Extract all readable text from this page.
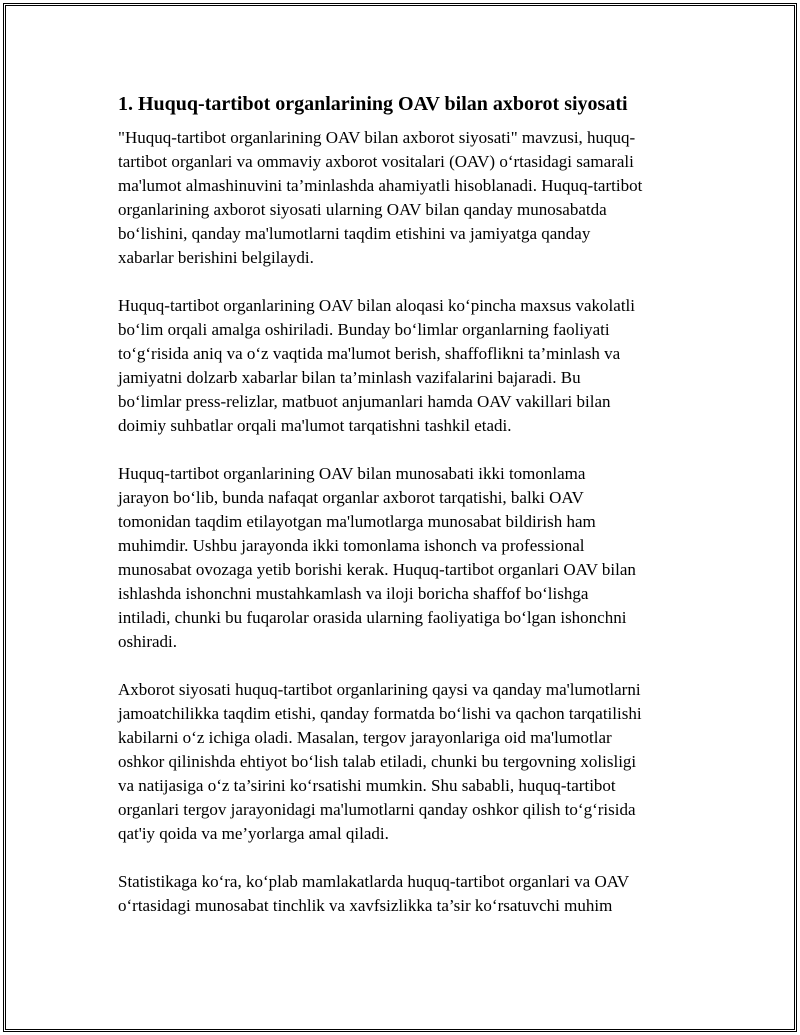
1. Huquq-tartibot organlarining OAV bilan axborot siyosati

"Huquq-tartibot organlarining OAV bilan axborot siyosati" mavzusi, huquq-
tartibot organlari va ommaviy axborot vositalari (OAV) o‘rtasidagi samarali
ma'lumot almashinuvini ta’minlashda ahamiyatli hisoblanadi. Huquq-tartibot
organlarining axborot siyosati ularning OAV bilan qanday munosabatda
bo‘lishini, qanday ma'lumotlarni taqdim etishini va jamiyatga qanday
xabarlar berishini belgilaydi.

Huquq-tartibot organlarining OAV bilan aloqasi ko‘pincha maxsus vakolatli
bo‘lim orqali amalga oshiriladi. Bunday bo‘limlar organlarning faoliyati
to‘g‘risida aniq va o‘z vaqtida ma'lumot berish, shaffoflikni ta’minlash va
jamiyatni dolzarb xabarlar bilan ta’minlash vazifalarini bajaradi. Bu
bo‘limlar press-relizlar, matbuot anjumanlari hamda OAV vakillari bilan
doimiy suhbatlar orqali ma'lumot tarqatishni tashkil etadi.

Huquq-tartibot organlarining OAV bilan munosabati ikki tomonlama
jarayon bo‘lib, bunda nafaqat organlar axborot tarqatishi, balki OAV
tomonidan taqdim etilayotgan ma'lumotlarga munosabat bildirish ham
muhimdir. Ushbu jarayonda ikki tomonlama ishonch va professional
munosabat ovozaga yetib borishi kerak. Huquq-tartibot organlari OAV bilan
ishlashda ishonchni mustahkamlash va iloji boricha shaffof bo‘lishga
intiladi, chunki bu fuqarolar orasida ularning faoliyatiga bo‘lgan ishonchni
oshiradi.

Axborot siyosati huquq-tartibot organlarining qaysi va qanday ma'lumotlarni
jamoatchilikka taqdim etishi, qanday formatda bo‘lishi va qachon tarqatilishi
kabilarni o‘z ichiga oladi. Masalan, tergov jarayonlariga oid ma'lumotlar
oshkor qilinishda ehtiyot bo‘lish talab etiladi, chunki bu tergovning xolisligi
va natijasiga o‘z ta’sirini ko‘rsatishi mumkin. Shu sababli, huquq-tartibot
organlari tergov jarayonidagi ma'lumotlarni qanday oshkor qilish to‘g‘risida
qat'iy qoida va me’yorlarga amal qiladi.

Statistikaga ko‘ra, ko‘plab mamlakatlarda huquq-tartibot organlari va OAV
o‘rtasidagi munosabat tinchlik va xavfsizlikka ta’sir ko‘rsatuvchi muhim
